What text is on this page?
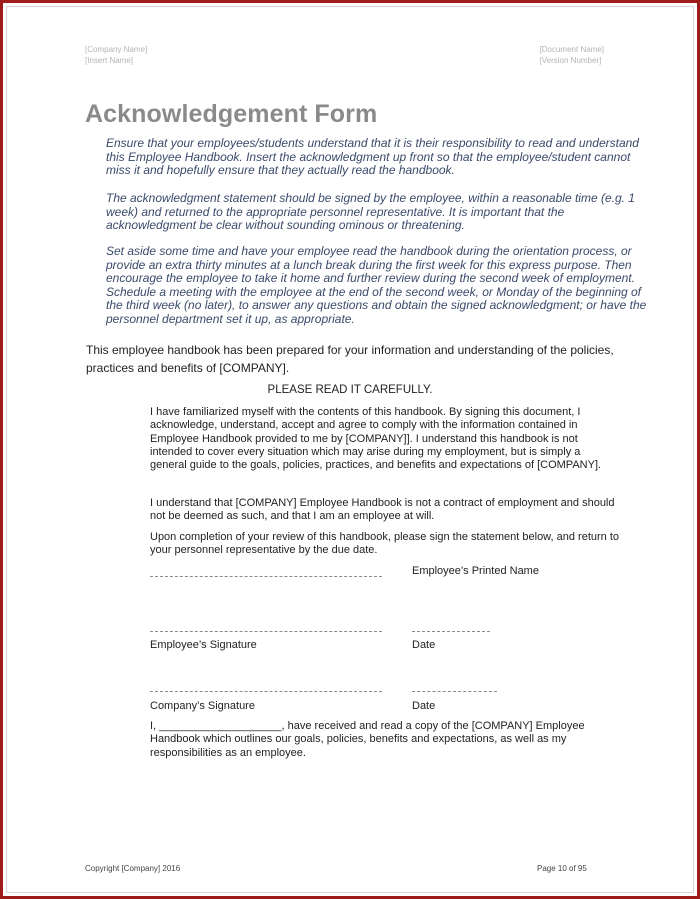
[Company Name]
[Insert Name]
[Document Name]
[Version Number]
Acknowledgement Form

Ensure that your employees/students understand that it is their responsibility to read and understand this Employee Handbook. Insert the acknowledgment up front so that the employee/student cannot miss it and hopefully ensure that they actually read the handbook.

The acknowledgment statement should be signed by the employee, within a reasonable time (e.g. 1 week) and returned to the appropriate personnel representative. It is important that the acknowledgment be clear without sounding ominous or threatening.

Set aside some time and have your employee read the handbook during the orientation process, or provide an extra thirty minutes at a lunch break during the first week for this express purpose. Then encourage the employee to take it home and further review during the second week of employment. Schedule a meeting with the employee at the end of the second week, or Monday of the beginning of the third week (no later), to answer any questions and obtain the signed acknowledgment; or have the personnel department set it up, as appropriate.

This employee handbook has been prepared for your information and understanding of the policies, practices and benefits of [COMPANY].

PLEASE READ IT CAREFULLY.

I have familiarized myself with the contents of this handbook. By signing this document, I acknowledge, understand, accept and agree to comply with the information contained in Employee Handbook provided to me by [COMPANY]]. I understand this handbook is not intended to cover every situation which may arise during my employment, but is simply a general guide to the goals, policies, practices, and benefits and expectations of [COMPANY].

I understand that [COMPANY] Employee Handbook is not a contract of employment and should not be deemed as such, and that I am an employee at will.

Upon completion of your review of this handbook, please sign the statement below, and return to your personnel representative by the due date.

Employee’s Printed Name
Employee’s Signature	Date
Company’s Signature	Date

I, ____________________, have received and read a copy of the [COMPANY] Employee Handbook which outlines our goals, policies, benefits and expectations, as well as my responsibilities as an employee.

Copyright [Company] 2016	Page 10 of 95
